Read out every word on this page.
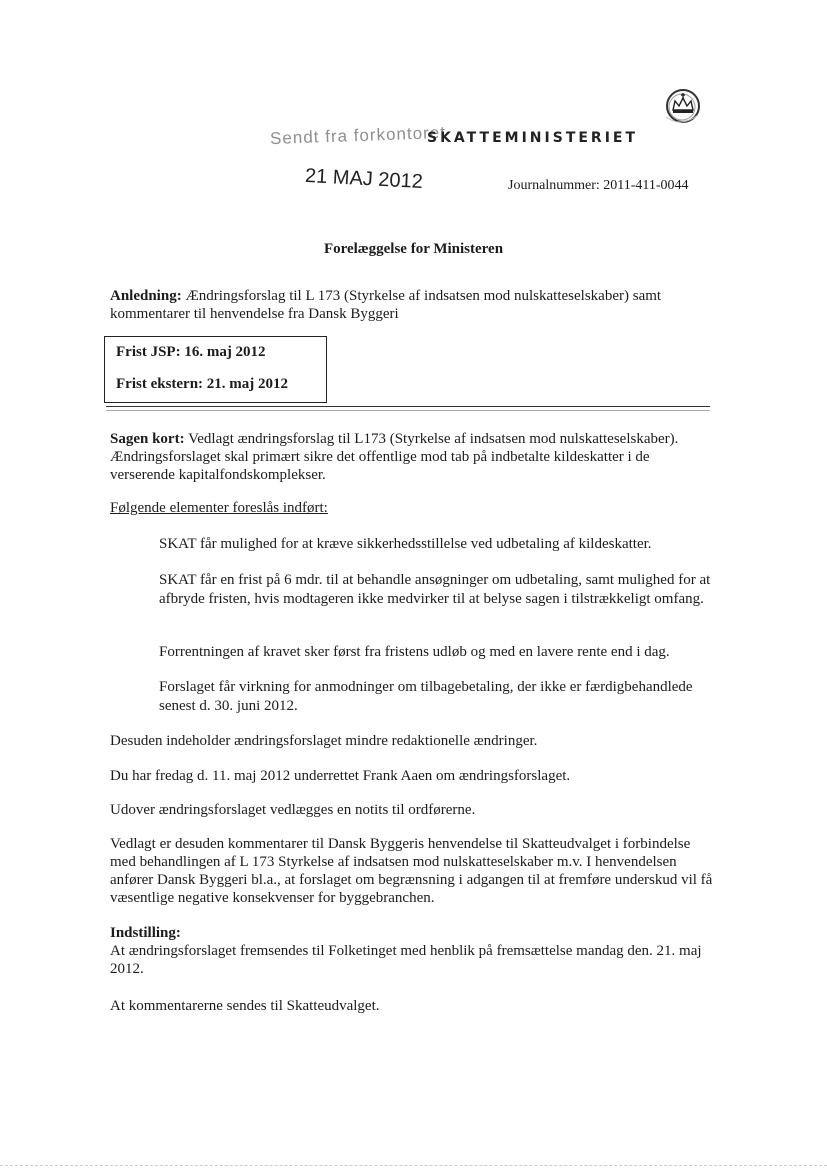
Sendt fra forkontoret
SKATTEMINISTERIET
21 MAJ 2012	Journalnummer: 2011-411-0044
Forelæggelse for Ministeren
Anledning: Ændringsforslag til L 173 (Styrkelse af indsatsen mod nulskatteselskaber) samt kommentarer til henvendelse fra Dansk Byggeri
Frist JSP: 16. maj 2012
Frist ekstern: 21. maj 2012
Sagen kort: Vedlagt ændringsforslag til L173 (Styrkelse af indsatsen mod nulskatteselskaber). Ændringsforslaget skal primært sikre det offentlige mod tab på indbetalte kildeskatter i de verserende kapitalfondskomplekser.
Følgende elementer foreslås indført:
SKAT får mulighed for at kræve sikkerhedsstillelse ved udbetaling af kildeskatter.
SKAT får en frist på 6 mdr. til at behandle ansøgninger om udbetaling, samt mulighed for at afbryde fristen, hvis modtageren ikke medvirker til at belyse sagen i tilstrækkeligt omfang.
Forrentningen af kravet sker først fra fristens udløb og med en lavere rente end i dag.
Forslaget får virkning for anmodninger om tilbagebetaling, der ikke er færdigbehandlede senest d. 30. juni 2012.
Desuden indeholder ændringsforslaget mindre redaktionelle ændringer.
Du har fredag d. 11. maj 2012 underrettet Frank Aaen om ændringsforslaget.
Udover ændringsforslaget vedlægges en notits til ordførerne.
Vedlagt er desuden kommentarer til Dansk Byggeris henvendelse til Skatteudvalget i forbindelse med behandlingen af L 173 Styrkelse af indsatsen mod nulskatteselskaber m.v. I henvendelsen anfører Dansk Byggeri bl.a., at forslaget om begrænsning i adgangen til at fremføre underskud vil få væsentlige negative konsekvenser for byggebranchen.
Indstilling:
At ændringsforslaget fremsendes til Folketinget med henblik på fremsættelse mandag den. 21. maj 2012.
At kommentarerne sendes til Skatteudvalget.
